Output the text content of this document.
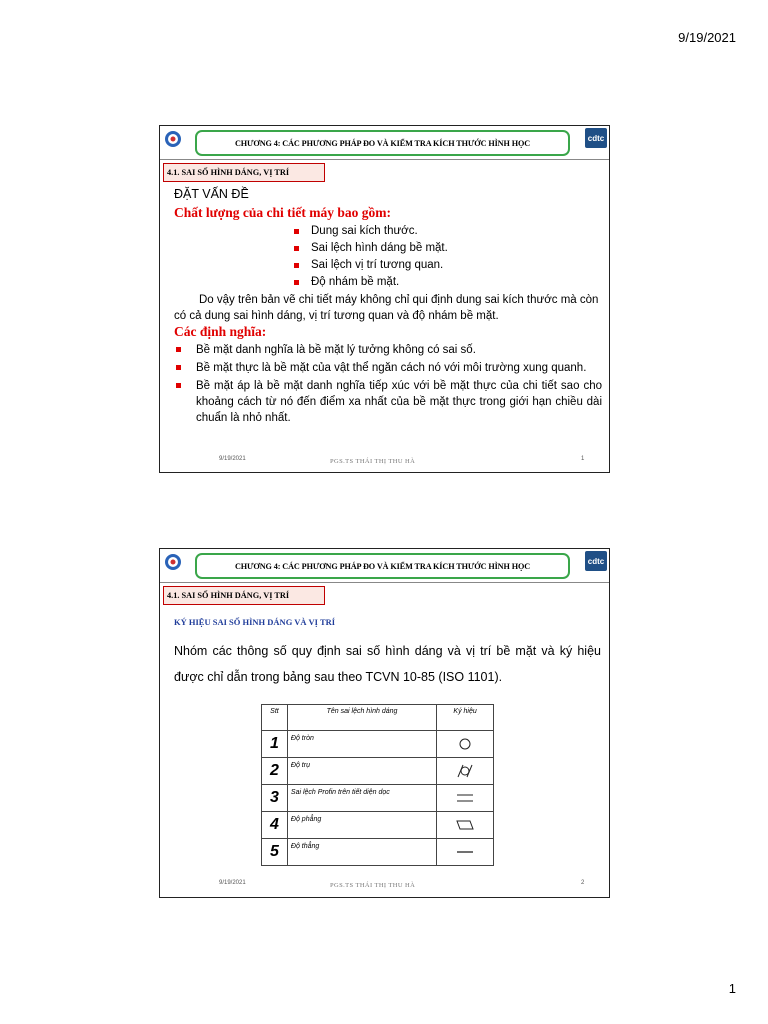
9/19/2021
CHƯƠNG 4: CÁC PHƯƠNG PHÁP ĐO VÀ KIỂM TRA KÍCH THƯỚC HÌNH HỌC
cdtc
4.1. SAI SỐ HÌNH DÁNG, VỊ TRÍ
ĐẶT VẤN ĐỀ
Chất lượng của chi tiết máy bao gồm:
Dung sai kích thước.
Sai lệch hình dáng bề mặt.
Sai lệch vị trí tương quan.
Độ nhám bề mặt.

Do vậy trên bản vẽ chi tiết máy không chỉ qui định dung sai kích thước mà còn có cả dung sai hình dáng, vị trí tương quan và độ nhám bề mặt.

Các định nghĩa:
Bề mặt danh nghĩa là bề mặt lý tưởng không có sai số.
Bề mặt thực là bề mặt của vật thể ngăn cách nó với môi trường xung quanh.
Bề mặt áp là bề mặt danh nghĩa tiếp xúc với bề mặt thực của chi tiết sao cho khoảng cách từ nó đến điểm xa nhất của bề mặt thực trong giới hạn chiều dài chuẩn là nhỏ nhất.
9/19/2021	PGS.TS THÁI THỊ THU HÀ	1
CHƯƠNG 4: CÁC PHƯƠNG PHÁP ĐO VÀ KIỂM TRA KÍCH THƯỚC HÌNH HỌC
cdtc
4.1. SAI SỐ HÌNH DÁNG, VỊ TRÍ
KÝ HIỆU SAI SỐ HÌNH DÁNG VÀ VỊ TRÍ

Nhóm các thông số quy định sai số hình dáng và vị trí bề mặt và ký hiệu được chỉ dẫn trong bảng sau theo TCVN 10-85 (ISO 1101).

Stt	Tên sai lệch hình dáng	Ký hiệu
1	Độ tròn	

2	Độ trụ	

3	Sai lệch Profin trên tiết diện dọc	

4	Độ phẳng	

5	Độ thẳng	
9/19/2021	PGS.TS THÁI THỊ THU HÀ	2
1
